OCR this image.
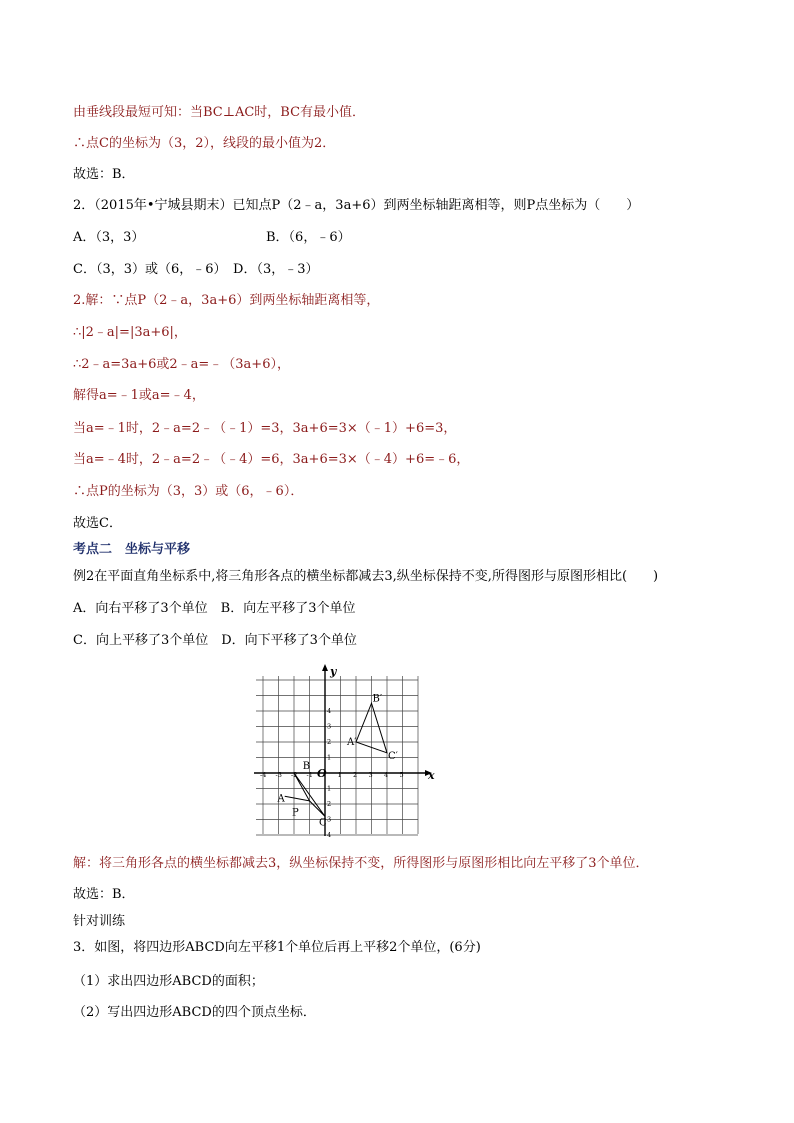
由垂线段最短可知：当BC⊥AC时，BC有最小值．
∴点C的坐标为（3，2），线段的最小值为2．
故选：B．
2．（2015年•宁城县期末）已知点P（2﹣a，3a+6）到两坐标轴距离相等，则P点坐标为（　　）
A．（3，3）	B．（6，﹣6）
C．（3，3）或（6，﹣6）　D．（3，﹣3）
2.解：∵点P（2﹣a，3a+6）到两坐标轴距离相等，
∴|2﹣a|=|3a+6|，
∴2﹣a=3a+6或2﹣a=﹣（3a+6），
解得a=﹣1或a=﹣4，
当a=﹣1时，2﹣a=2﹣（﹣1）=3，3a+6=3×（﹣1）+6=3，
当a=﹣4时，2﹣a=2﹣（﹣4）=6，3a+6=3×（﹣4）+6=﹣6，
∴点P的坐标为（3，3）或（6，﹣6）．
故选C．
考点二　坐标与平移
例2在平面直角坐标系中,将三角形各点的横坐标都减去3,纵坐标保持不变,所得图形与原图形相比(　　)
A．向右平移了3个单位　B．向左平移了3个单位
C．向上平移了3个单位　D．向下平移了3个单位
x
y
O
-4 -3 -2 -1	1 2 3 4 5
4
3
2
1
1
2
3
4
B′
A′
C′
B
A
P
C
解：将三角形各点的横坐标都减去3，纵坐标保持不变，所得图形与原图形相比向左平移了3个单位．
故选：B．
针对训练
3．如图，将四边形ABCD向左平移1个单位后再上平移2个单位，(6分)
（1）求出四边形ABCD的面积；
（2）写出四边形ABCD的四个顶点坐标．
